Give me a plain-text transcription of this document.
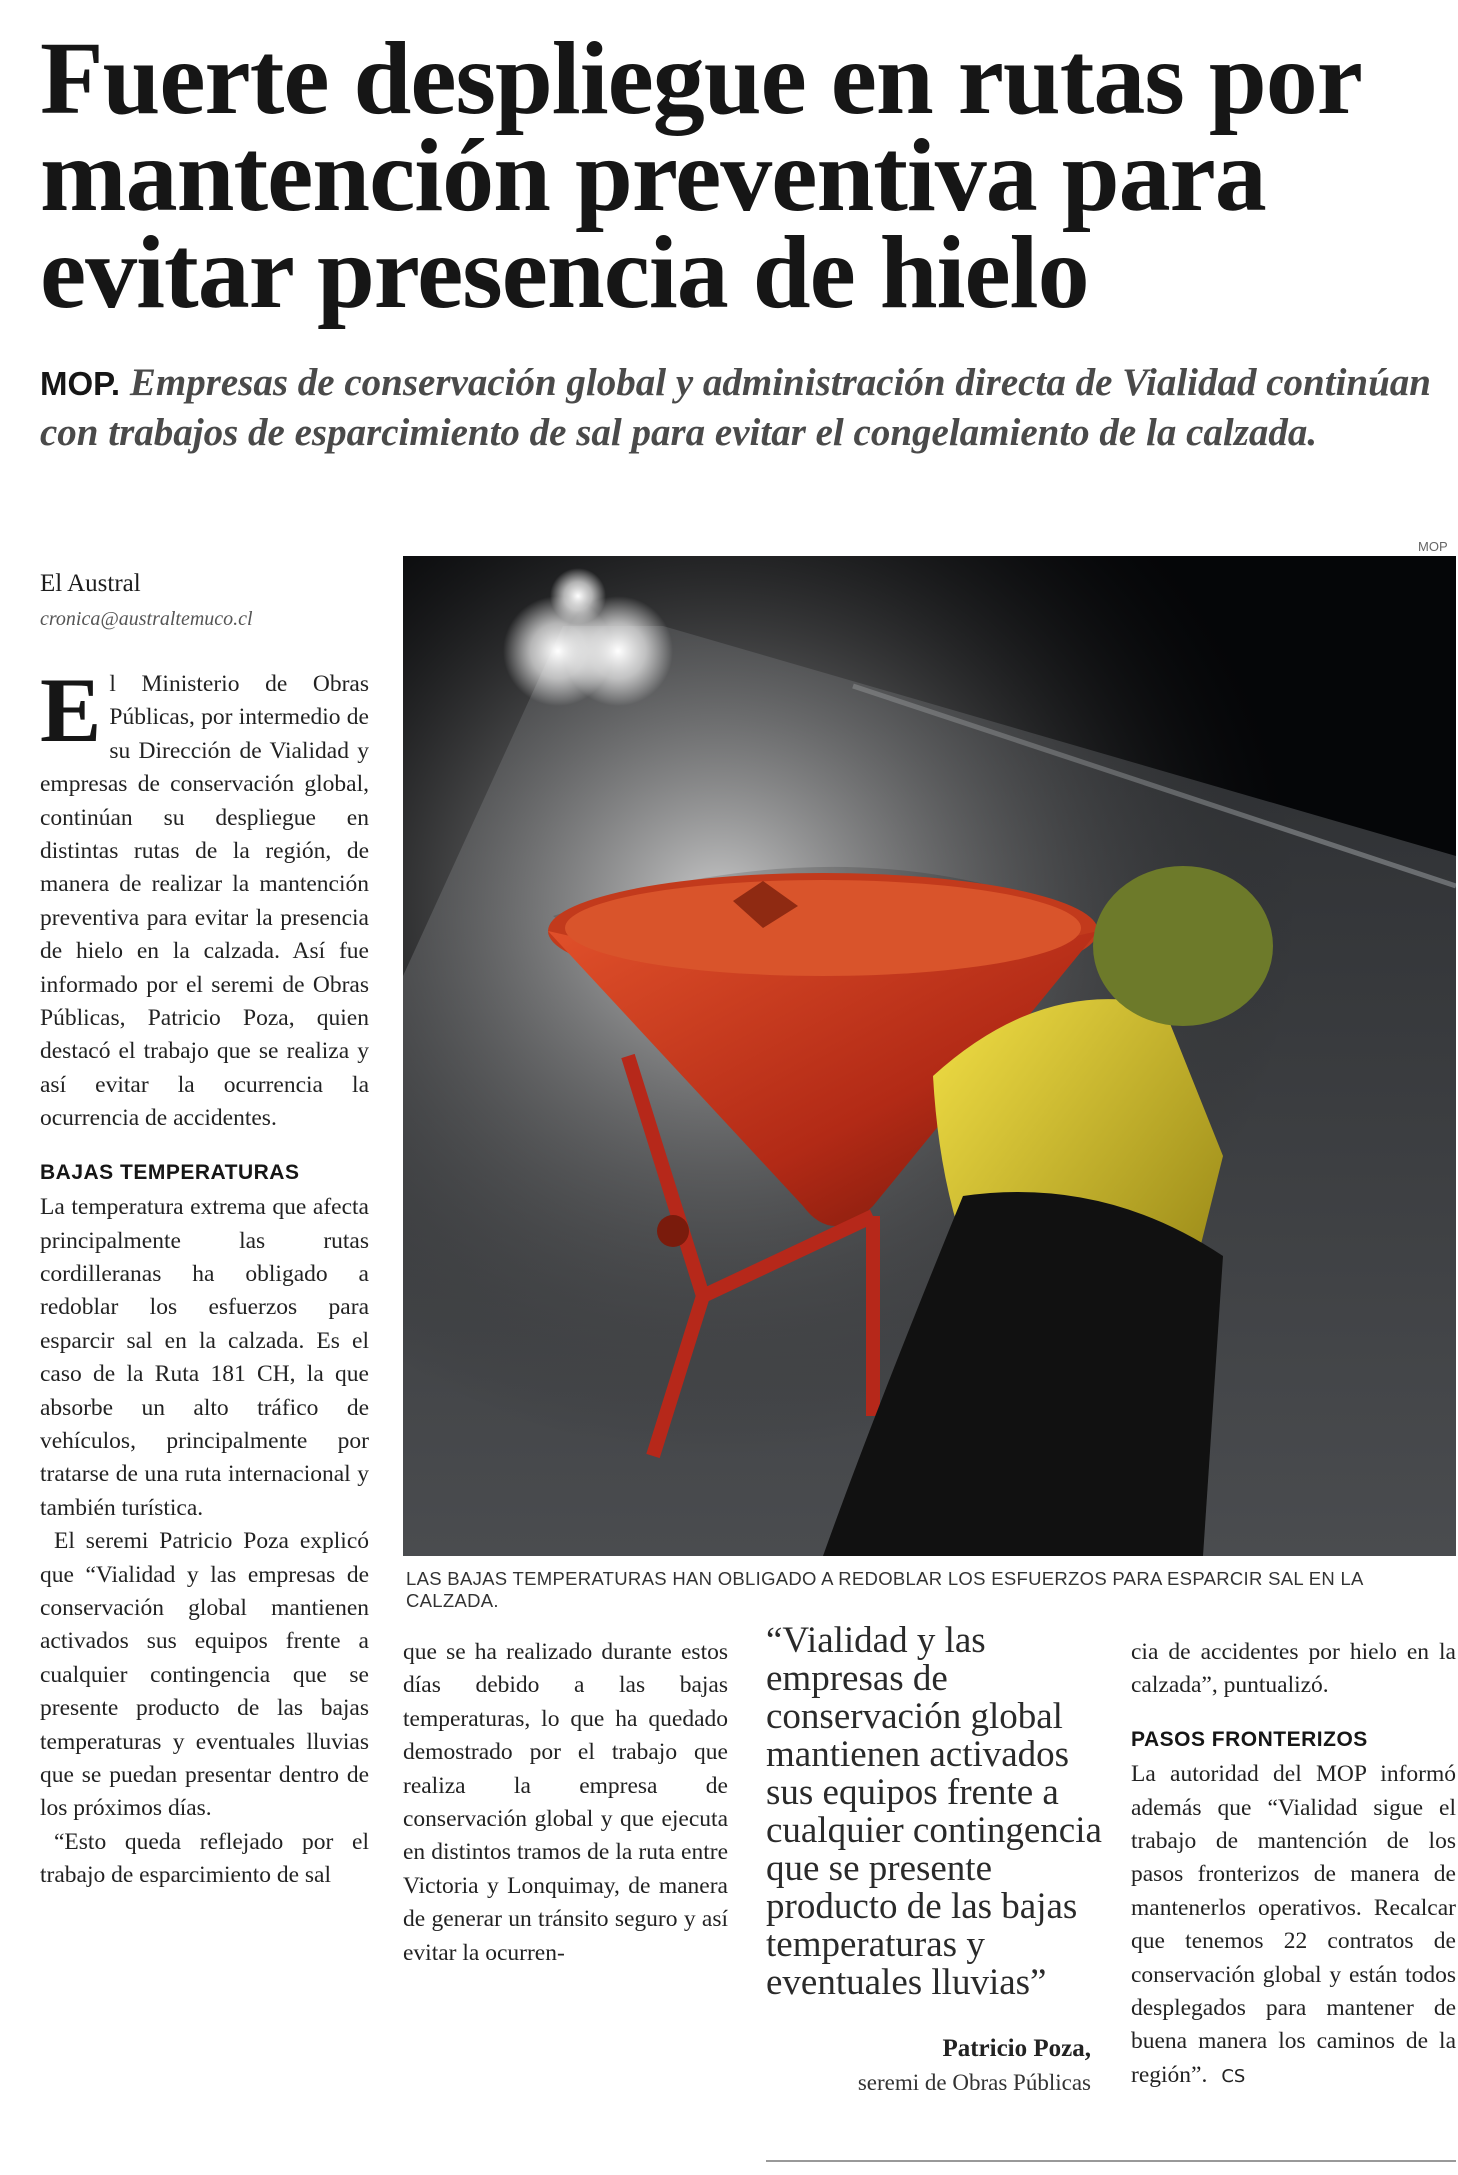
Fuerte despliegue en rutas por mantención preventiva para evitar presencia de hielo
MOP. Empresas de conservación global y administración directa de Vialidad continúan con trabajos de esparcimiento de sal para evitar el congelamiento de la calzada.
El Austral
cronica@australtemuco.cl

El Ministerio de Obras Públicas, por intermedio de su Dirección de Vialidad y empresas de conservación global, continúan su despliegue en distintas rutas de la región, de manera de realizar la mantención preventiva para evitar la presencia de hielo en la calzada. Así fue informado por el seremi de Obras Públicas, Patricio Poza, quien destacó el trabajo que se realiza y así evitar la ocurrencia la ocurrencia de accidentes.

BAJAS TEMPERATURAS

La temperatura extrema que afecta principalmente las rutas cordilleranas ha obligado a redoblar los esfuerzos para esparcir sal en la calzada. Es el caso de la Ruta 181 CH, la que absorbe un alto tráfico de vehículos, principalmente por tratarse de una ruta internacional y también turística.

El seremi Patricio Poza explicó que “Vialidad y las empresas de conservación global mantienen activados sus equipos frente a cualquier contingencia que se presente producto de las bajas temperaturas y eventuales lluvias que se puedan presentar dentro de los próximos días.

“Esto queda reflejado por el trabajo de esparcimiento de sal

MOP
LAS BAJAS TEMPERATURAS HAN OBLIGADO A REDOBLAR LOS ESFUERZOS PARA ESPARCIR SAL EN LA CALZADA.

que se ha realizado durante estos días debido a las bajas temperaturas, lo que ha quedado demostrado por el trabajo que realiza la empresa de conservación global y que ejecuta en distintos tramos de la ruta entre Victoria y Lonquimay, de manera de generar un tránsito seguro y así evitar la ocurren-

“Vialidad y las empresas de conservación global mantienen activados sus equipos frente a cualquier contingencia que se presente producto de las bajas temperaturas y eventuales lluvias”
Patricio Poza,
seremi de Obras Públicas

cia de accidentes por hielo en la calzada”, puntualizó.

PASOS FRONTERIZOS

La autoridad del MOP informó además que “Vialidad sigue el trabajo de mantención de los pasos fronterizos de manera de mantenerlos operativos. Recalcar que tenemos 22 contratos de conservación global y están todos desplegados para mantener de buena manera los caminos de la región”. CS
